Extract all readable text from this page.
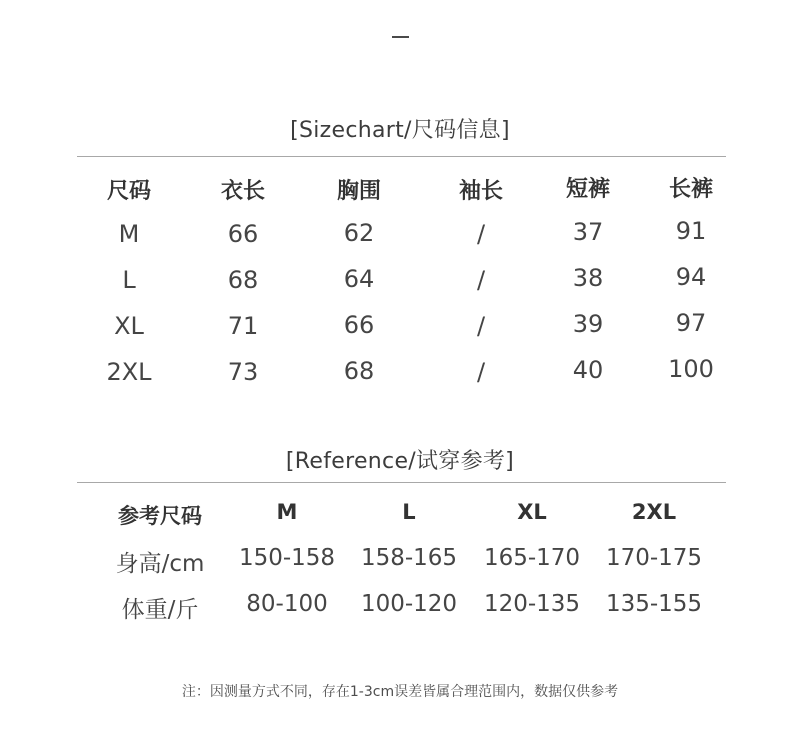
[Sizechart/尺码信息]
尺码	衣长	胸围	袖长	短裤	长裤
M	66	62	/	37	91
L	68	64	/	38	94
XL	71	66	/	39	97
2XL	73	68	/	40	100
[Reference/试穿参考]
参考尺码	M	L	XL	2XL
身高/cm	150-158	158-165	165-170	170-175
体重/斤	80-100	100-120	120-135	135-155
注：因测量方式不同，存在1-3cm误差皆属合理范围内，数据仅供参考
